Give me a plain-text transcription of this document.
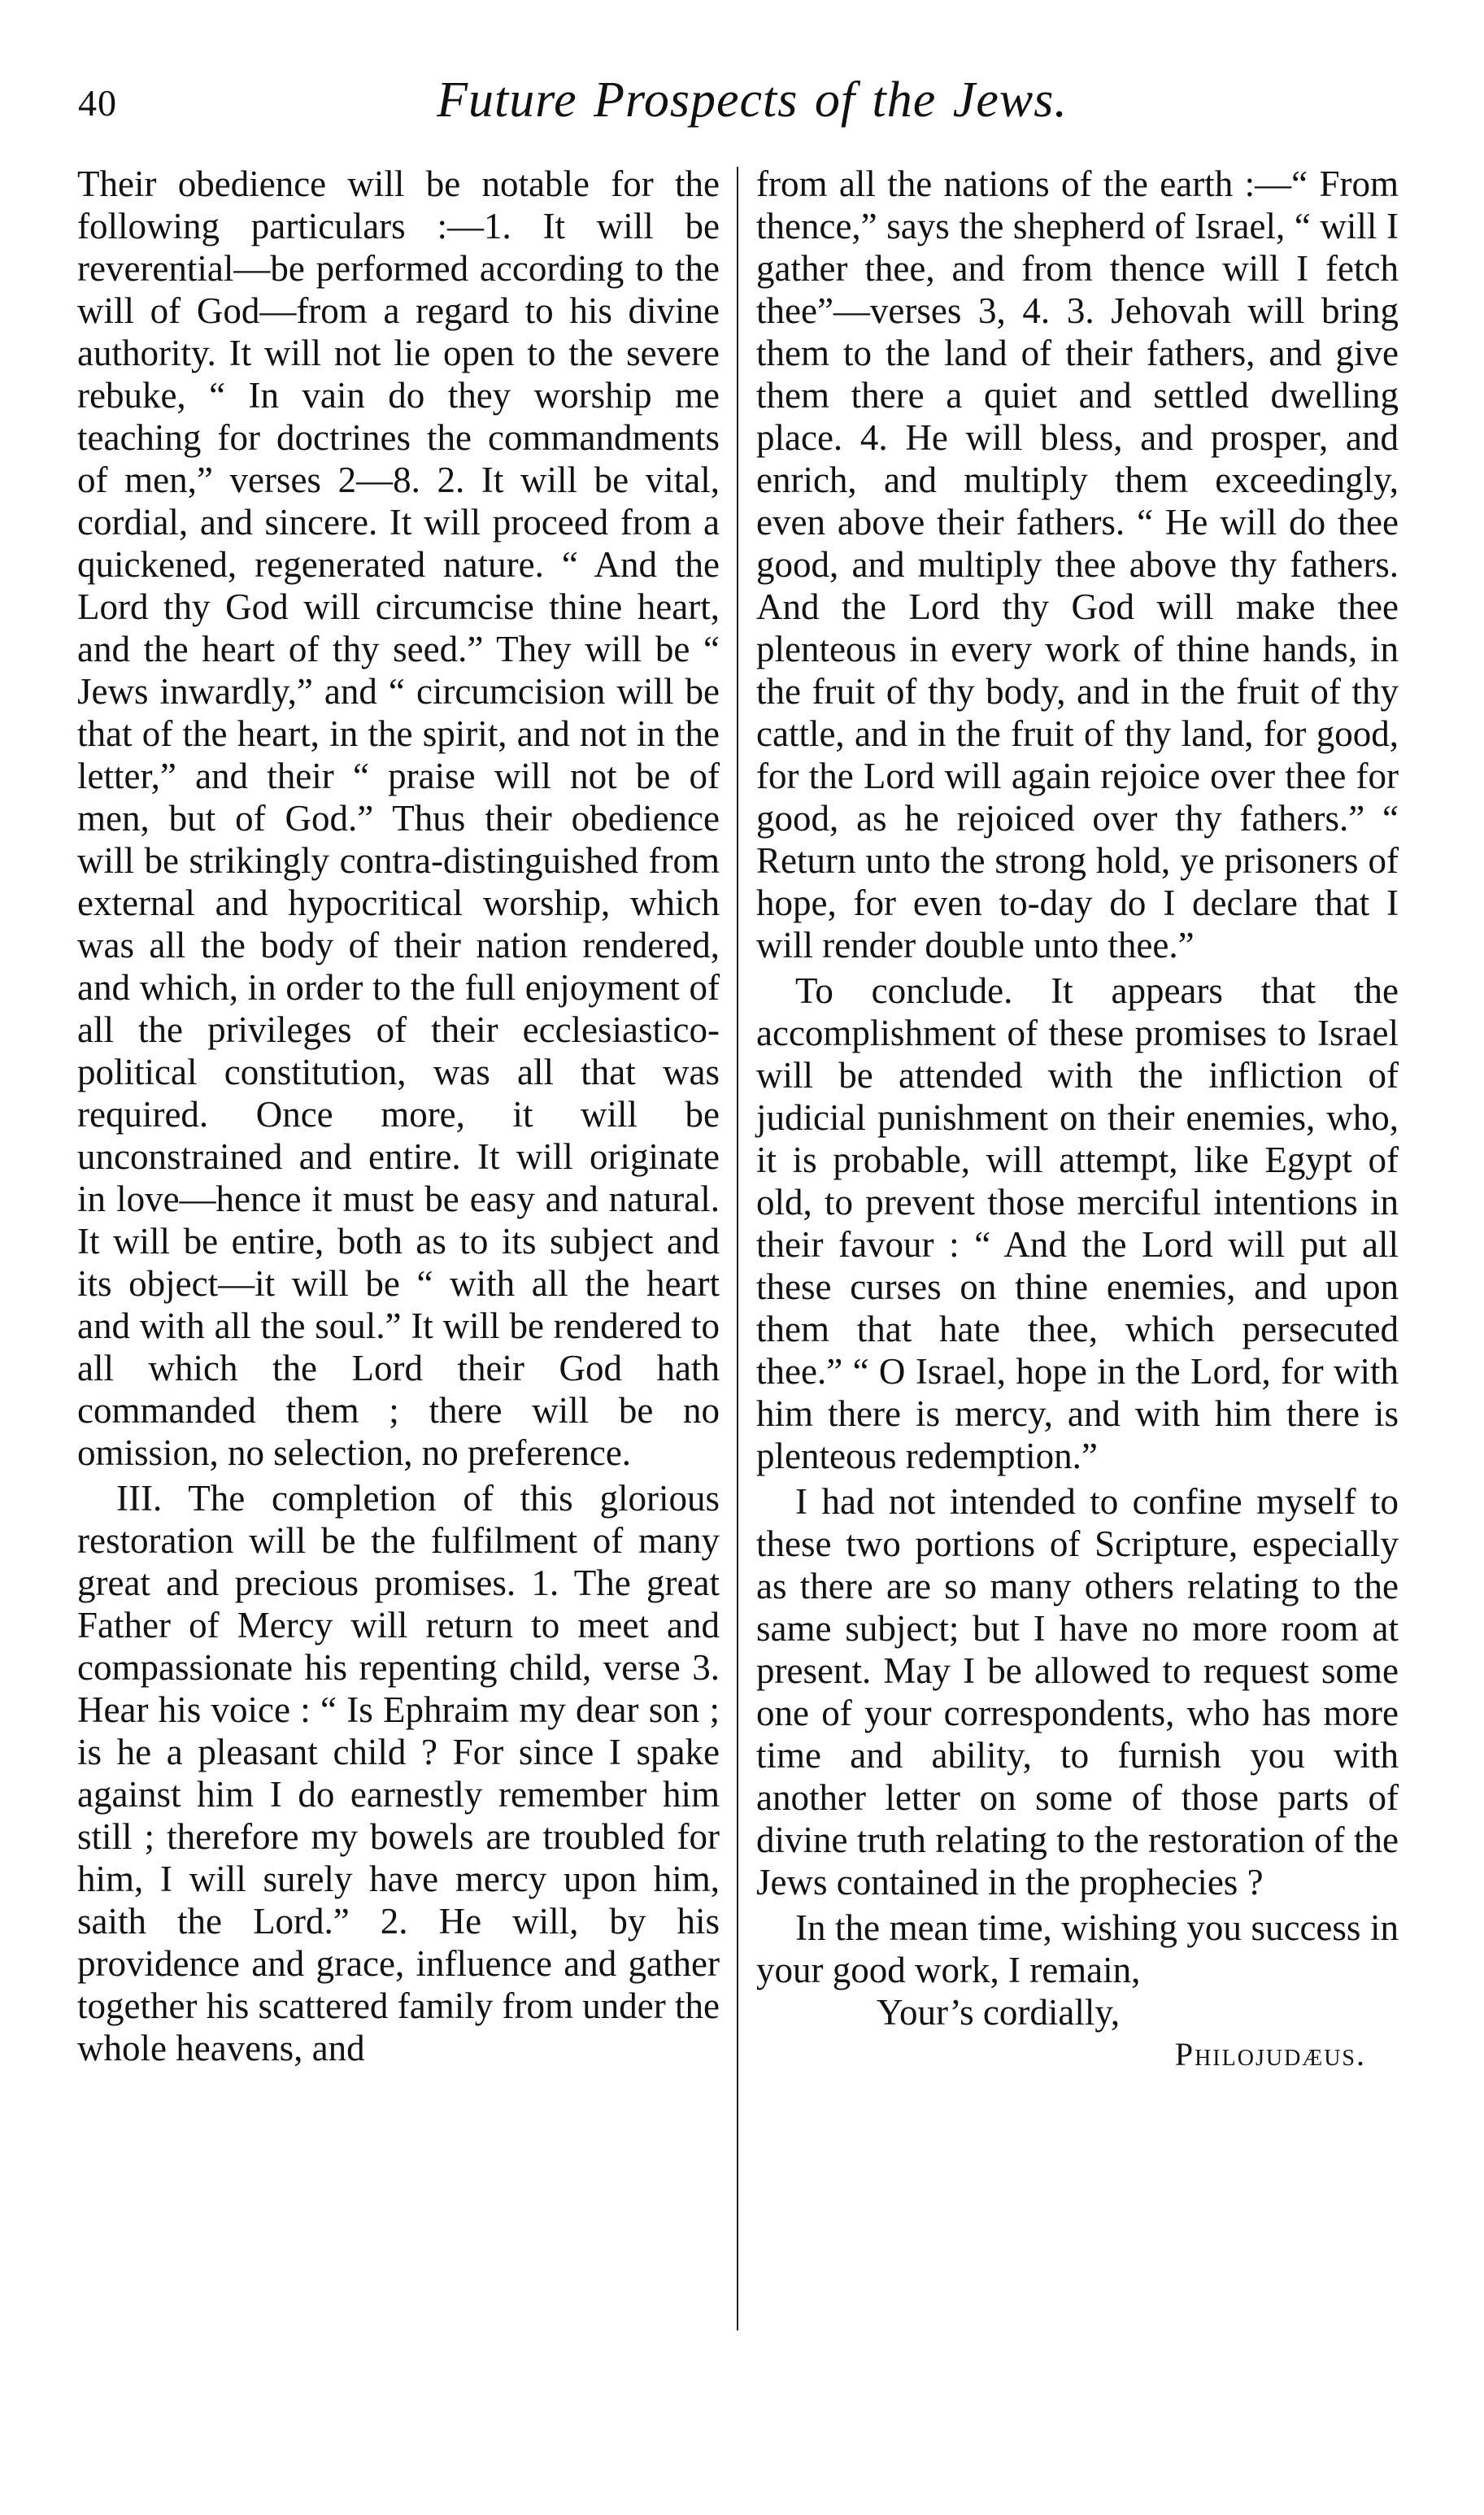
40	Future Prospects of the Jews.

Their obedience will be notable for the following particulars :—1. It will be reverential—be performed according to the will of God—from a regard to his divine authority. It will not lie open to the severe rebuke, “ In vain do they worship me teaching for doctrines the commandments of men,” verses 2—8. 2. It will be vital, cordial, and sincere. It will proceed from a quickened, regenerated nature. “ And the Lord thy God will circumcise thine heart, and the heart of thy seed.” They will be “ Jews inwardly,” and “ circumcision will be that of the heart, in the spirit, and not in the letter,” and their “ praise will not be of men, but of God.” Thus their obedience will be strikingly contra-distinguished from external and hypocritical worship, which was all the body of their nation rendered, and which, in order to the full enjoyment of all the privileges of their ecclesiastico-political constitution, was all that was required. Once more, it will be unconstrained and entire. It will originate in love—hence it must be easy and natural. It will be entire, both as to its subject and its object—it will be “ with all the heart and with all the soul.” It will be rendered to all which the Lord their God hath commanded them ; there will be no omission, no selection, no preference.

III. The completion of this glorious restoration will be the fulfilment of many great and precious promises. 1. The great Father of Mercy will return to meet and compassionate his repenting child, verse 3. Hear his voice : “ Is Ephraim my dear son ; is he a pleasant child ? For since I spake against him I do earnestly remember him still ; therefore my bowels are troubled for him, I will surely have mercy upon him, saith the Lord.” 2. He will, by his providence and grace, influence and gather together his scattered family from under the whole heavens, and

from all the nations of the earth :—“ From thence,” says the shepherd of Israel, “ will I gather thee, and from thence will I fetch thee”—verses 3, 4. 3. Jehovah will bring them to the land of their fathers, and give them there a quiet and settled dwelling place. 4. He will bless, and prosper, and enrich, and multiply them exceedingly, even above their fathers. “ He will do thee good, and multiply thee above thy fathers. And the Lord thy God will make thee plenteous in every work of thine hands, in the fruit of thy body, and in the fruit of thy cattle, and in the fruit of thy land, for good, for the Lord will again rejoice over thee for good, as he rejoiced over thy fathers.” “ Return unto the strong hold, ye prisoners of hope, for even to-day do I declare that I will render double unto thee.”

To conclude. It appears that the accomplishment of these promises to Israel will be attended with the infliction of judicial punishment on their enemies, who, it is probable, will attempt, like Egypt of old, to prevent those merciful intentions in their favour : “ And the Lord will put all these curses on thine enemies, and upon them that hate thee, which persecuted thee.” “ O Israel, hope in the Lord, for with him there is mercy, and with him there is plenteous redemption.”

I had not intended to confine myself to these two portions of Scripture, especially as there are so many others relating to the same subject; but I have no more room at present. May I be allowed to request some one of your correspondents, who has more time and ability, to furnish you with another letter on some of those parts of divine truth relating to the restoration of the Jews contained in the prophecies ?

In the mean time, wishing you success in your good work, I remain,

Your’s cordially,

Philojudæus.
